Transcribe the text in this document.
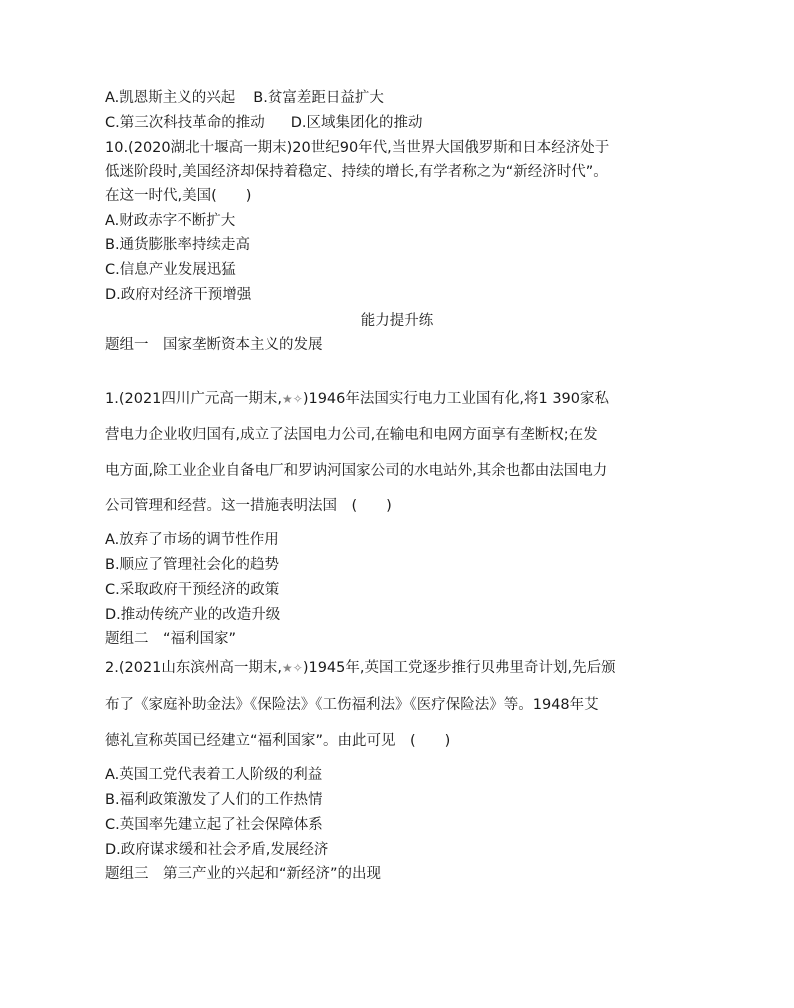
A.凯恩斯主义的兴起 B.贫富差距日益扩大
C.第三次科技革命的推动 D.区域集团化的推动
10.(2020湖北十堰高一期末)20世纪90年代,当世界大国俄罗斯和日本经济处于
低迷阶段时,美国经济却保持着稳定、持续的增长,有学者称之为“新经济时代”。
在这一时代,美国(　　)
A.财政赤字不断扩大
B.通货膨胀率持续走高
C.信息产业发展迅猛
D.政府对经济干预增强
能力提升练
题组一　国家垄断资本主义的发展
1.(2021四川广元高一期末,★✧)1946年法国实行电力工业国有化,将1 390家私
营电力企业收归国有,成立了法国电力公司,在输电和电网方面享有垄断权;在发
电方面,除工业企业自备电厂和罗讷河国家公司的水电站外,其余也都由法国电力
公司管理和经营。这一措施表明法国　(　　)
A.放弃了市场的调节性作用
B.顺应了管理社会化的趋势
C.采取政府干预经济的政策
D.推动传统产业的改造升级
题组二　“福利国家”
2.(2021山东滨州高一期末,★✧)1945年,英国工党逐步推行贝弗里奇计划,先后颁
布了《家庭补助金法》《保险法》《工伤福利法》《医疗保险法》等。1948年艾
德礼宣称英国已经建立“福利国家”。由此可见　(　　)
A.英国工党代表着工人阶级的利益
B.福利政策激发了人们的工作热情
C.英国率先建立起了社会保障体系
D.政府谋求缓和社会矛盾,发展经济
题组三　第三产业的兴起和“新经济”的出现
